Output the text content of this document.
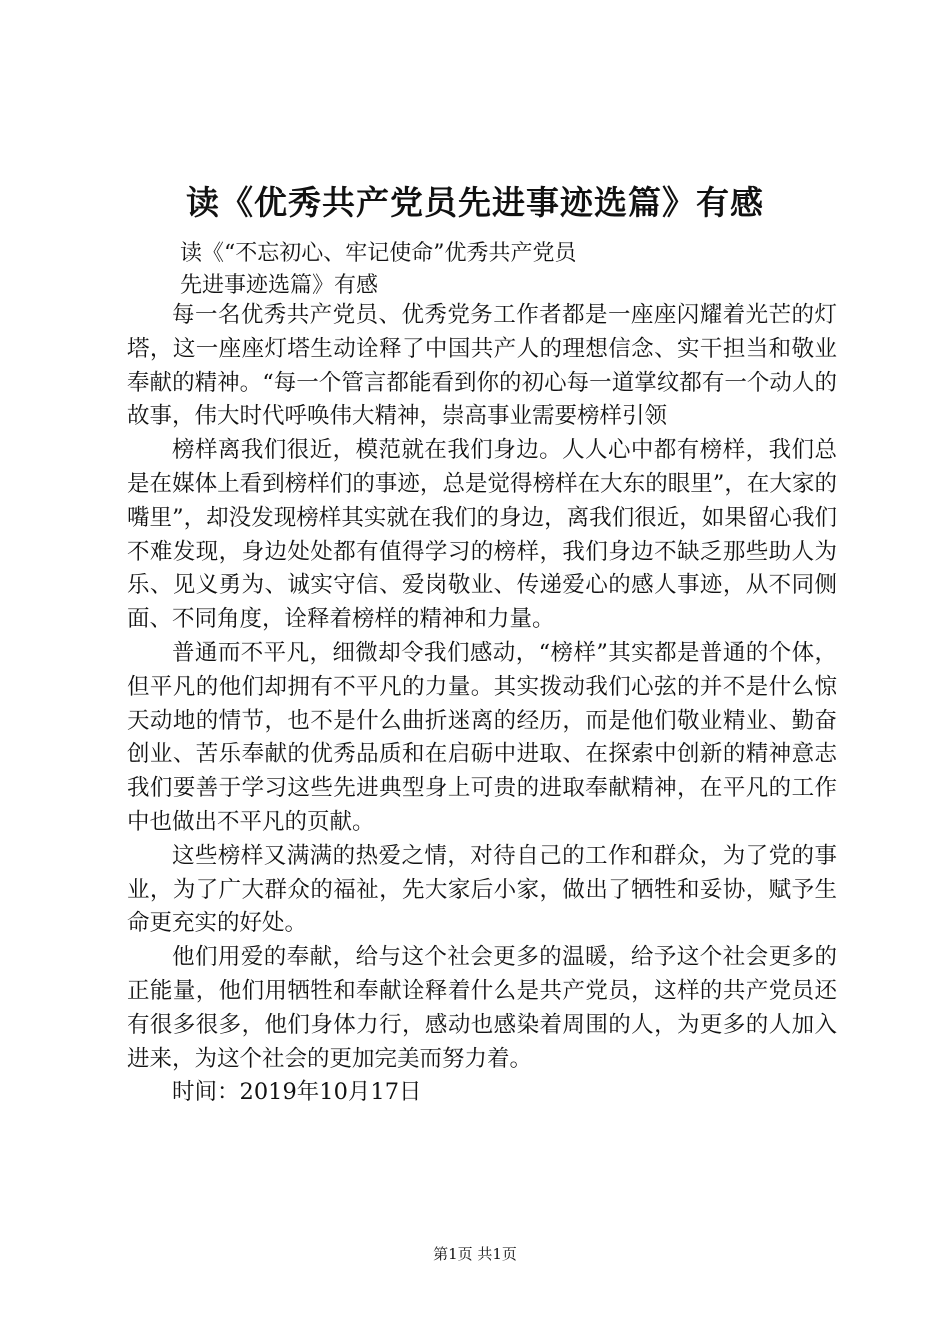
读《优秀共产党员先进事迹选篇》有感
读《“不忘初心、牢记使命”优秀共产党员
先进事迹选篇》有感

每一名优秀共产党员、优秀党务工作者都是一座座闪耀着光芒的灯塔，这一座座灯塔生动诠释了中国共产人的理想信念、实干担当和敬业奉献的精神。“每一个管言都能看到你的初心每一道掌纹都有一个动人的故事，伟大时代呼唤伟大精神，崇高事业需要榜样引领

榜样离我们很近，模范就在我们身边。人人心中都有榜样，我们总是在媒体上看到榜样们的事迹，总是觉得榜样在大东的眼里”，在大家的嘴里”，却没发现榜样其实就在我们的身边，离我们很近，如果留心我们不难发现，身边处处都有值得学习的榜样，我们身边不缺乏那些助人为乐、见义勇为、诚实守信、爱岗敬业、传递爱心的感人事迹，从不同侧面、不同角度，诠释着榜样的精神和力量。

普通而不平凡，细微却令我们感动，“榜样”其实都是普通的个体，但平凡的他们却拥有不平凡的力量。其实拨动我们心弦的并不是什么惊天动地的情节，也不是什么曲折迷离的经历，而是他们敬业精业、勤奋创业、苦乐奉献的优秀品质和在启砺中进取、在探索中创新的精神意志我们要善于学习这些先进典型身上可贵的进取奉献精神，在平凡的工作中也做出不平凡的页献。

这些榜样又满满的热爱之情，对待自己的工作和群众，为了党的事业，为了广大群众的福祉，先大家后小家，做出了牺牲和妥协，赋予生命更充实的好处。

他们用爱的奉献，给与这个社会更多的温暖，给予这个社会更多的正能量，他们用牺牲和奉献诠释着什么是共产党员，这样的共产党员还有很多很多，他们身体力行，感动也感染着周围的人，为更多的人加入进来，为这个社会的更加完美而努力着。

时间：2019年10月17日

第1页 共1页
